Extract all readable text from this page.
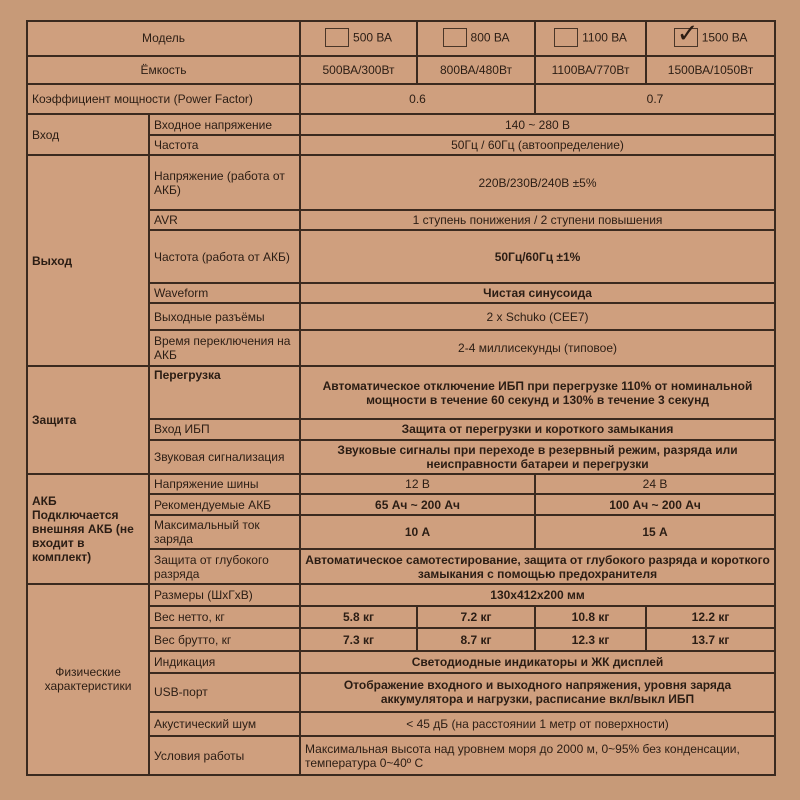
Модель		500 ВА	800 ВА	1100 ВА	✓ 1500 ВА
Ёмкость		500ВА/300Вт	800ВА/480Вт	1100ВА/770Вт	1500ВА/1050Вт
Коэффициент мощности (Power Factor)		0.6		0.7	
Вход	Входное напряжение	140 ~ 280 В			
	Частота	50Гц / 60Гц (автоопределение)			
Выход	Напряжение (работа от АКБ)	220В/230В/240В ±5%			
	AVR	1 ступень понижения / 2 ступени повышения			
	Частота (работа от АКБ)	50Гц/60Гц ±1%			
	Waveform	Чистая синусоида			
	Выходные разъёмы	2 x Schuko (CEE7)			
	Время переключения на АКБ	2-4 миллисекунды (типовое)			
Защита	Перегрузка	Автоматическое отключение ИБП при перегрузке 110% от номинальной мощности в течение 60 секунд и 130% в течение 3 секунд			
	Вход ИБП	Защита от перегрузки и короткого замыкания			
	Звуковая сигнализация	Звуковые сигналы при переходе в резервный режим, разряда или неисправности батареи и перегрузки			
АКБ Подключается внешняя АКБ (не входит в комплект)	Напряжение шины	12 В		24 В	
	Рекомендуемые АКБ	65 Ач ~ 200 Ач		100 Ач ~ 200 Ач	
	Максимальный ток заряда	10 А		15 А	
	Защита от глубокого разряда	Автоматическое самотестирование, защита от глубокого разряда и короткого замыкания с помощью предохранителя			
Физические характеристики	Размеры (ШхГхВ)	130x412x200 мм			
	Вес нетто, кг	5.8 кг	7.2 кг	10.8 кг	12.2 кг
	Вес брутто, кг	7.3 кг	8.7 кг	12.3 кг	13.7 кг
	Индикация	Светодиодные индикаторы и ЖК дисплей			
	USB-порт	Отображение входного и выходного напряжения, уровня заряда аккумулятора и нагрузки, расписание вкл/выкл ИБП			
	Акустический шум	< 45 дБ (на расстоянии 1 метр от поверхности)			
	Условия работы	Максимальная высота над уровнем моря до 2000 м, 0~95% без конденсации, температура 0~40º С			
